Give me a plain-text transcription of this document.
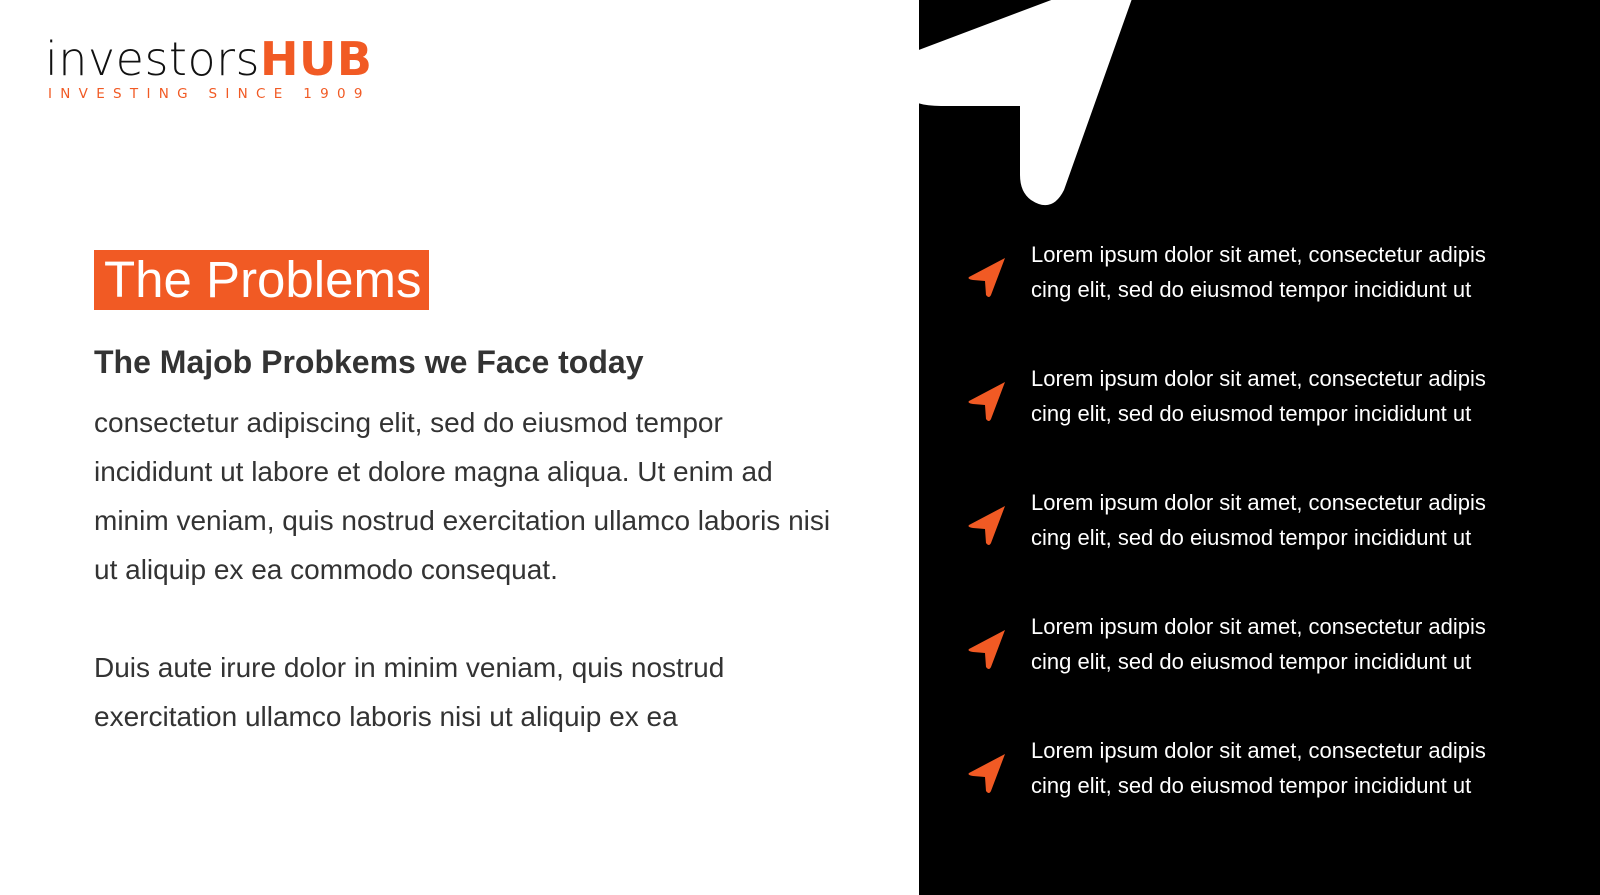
investorsHUB
INVESTING SINCE 1909
The Problems
The Majob Probkems we Face today

consectetur adipiscing elit, sed do eiusmod tempor incididunt ut labore et dolore magna aliqua. Ut enim ad minim veniam, quis nostrud exercitation ullamco laboris nisi ut aliquip ex ea commodo consequat.

Duis aute irure dolor in minim veniam, quis nostrud exercitation ullamco laboris nisi ut aliquip ex ea

Lorem ipsum dolor sit amet, consectetur adipis
cing elit, sed do eiusmod tempor incididunt ut
Lorem ipsum dolor sit amet, consectetur adipis
cing elit, sed do eiusmod tempor incididunt ut
Lorem ipsum dolor sit amet, consectetur adipis
cing elit, sed do eiusmod tempor incididunt ut
Lorem ipsum dolor sit amet, consectetur adipis
cing elit, sed do eiusmod tempor incididunt ut
Lorem ipsum dolor sit amet, consectetur adipis
cing elit, sed do eiusmod tempor incididunt ut
